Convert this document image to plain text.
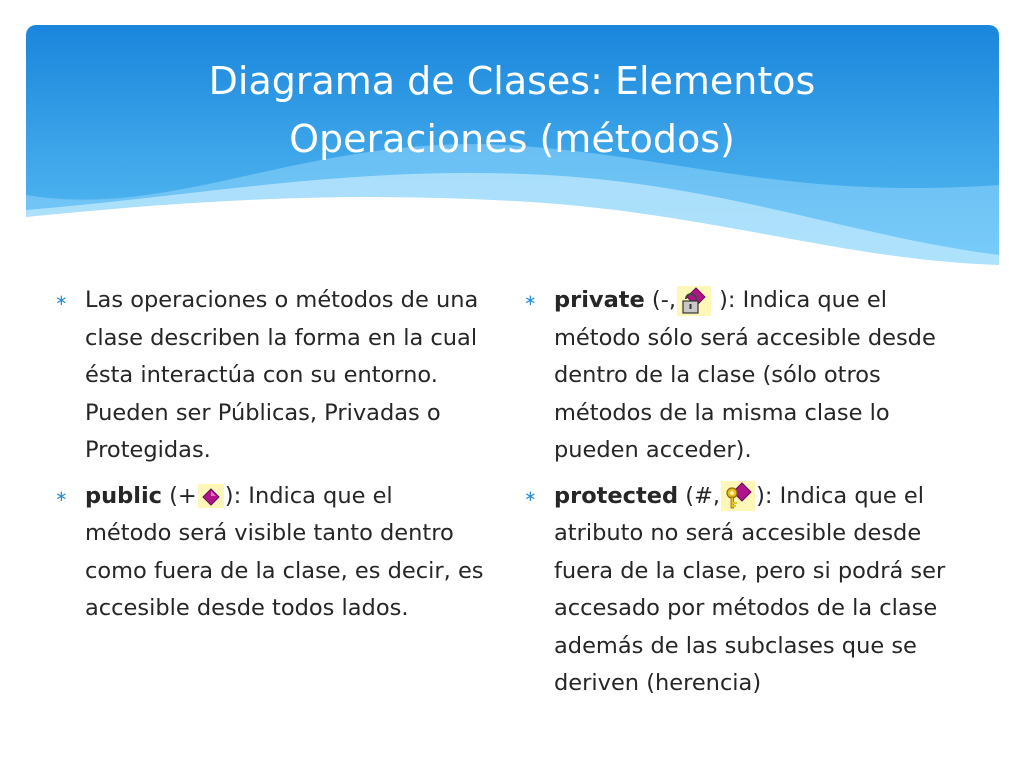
Diagrama de Clases: Elementos
Operaciones (métodos)
∗ Las operaciones o métodos de una clase describen la forma en la cual ésta interactúa con su entorno. Pueden ser Públicas, Privadas o Protegidas.
∗ public (+ ): Indica que el método será visible tanto dentro como fuera de la clase, es decir, es accesible desde todos lados.
∗ private (-,
): Indica que el método sólo será accesible desde dentro de la clase (sólo otros métodos de la misma clase lo pueden acceder).
∗ protected (#, ): Indica que el atributo no será accesible desde fuera de la clase, pero si podrá ser accesado por métodos de la clase además de las subclases que se deriven (herencia)
